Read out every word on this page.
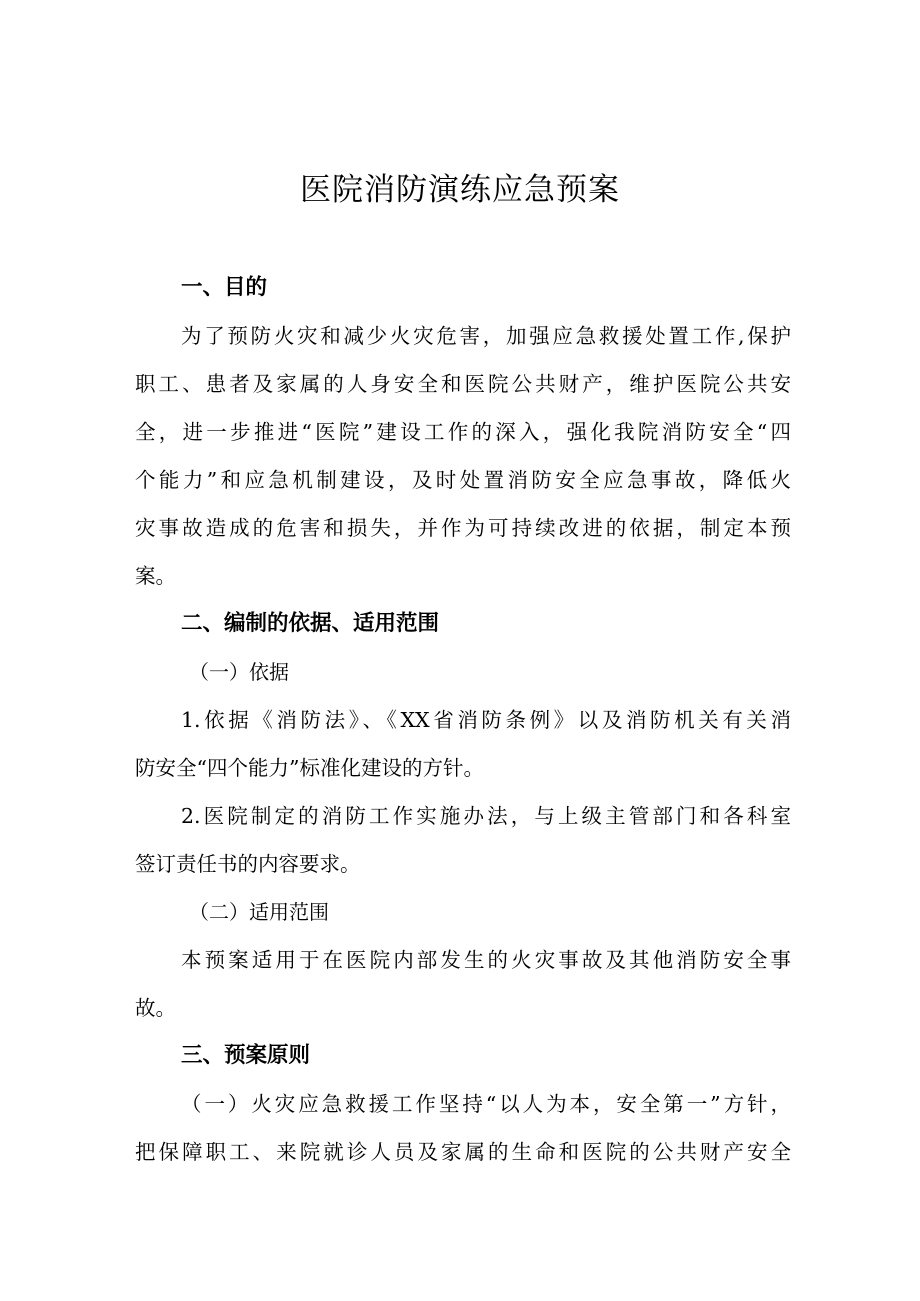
医院消防演练应急预案
一、目的
为了预防火灾和减少火灾危害，加强应急救援处置工作,保护
职工、患者及家属的人身安全和医院公共财产，维护医院公共安
全，进一步推进“医院”建设工作的深入，强化我院消防安全“四
个能力”和应急机制建设，及时处置消防安全应急事故，降低火
灾事故造成的危害和损失，并作为可持续改进的依据，制定本预
案。
二、编制的依据、适用范围
（一）依据
1.依据《消防法》、《XX省消防条例》以及消防机关有关消
防安全“四个能力”标准化建设的方针。
2.医院制定的消防工作实施办法，与上级主管部门和各科室
签订责任书的内容要求。
（二）适用范围
本预案适用于在医院内部发生的火灾事故及其他消防安全事
故。
三、预案原则
（一）火灾应急救援工作坚持“以人为本，安全第一”方针，
把保障职工、来院就诊人员及家属的生命和医院的公共财产安全
